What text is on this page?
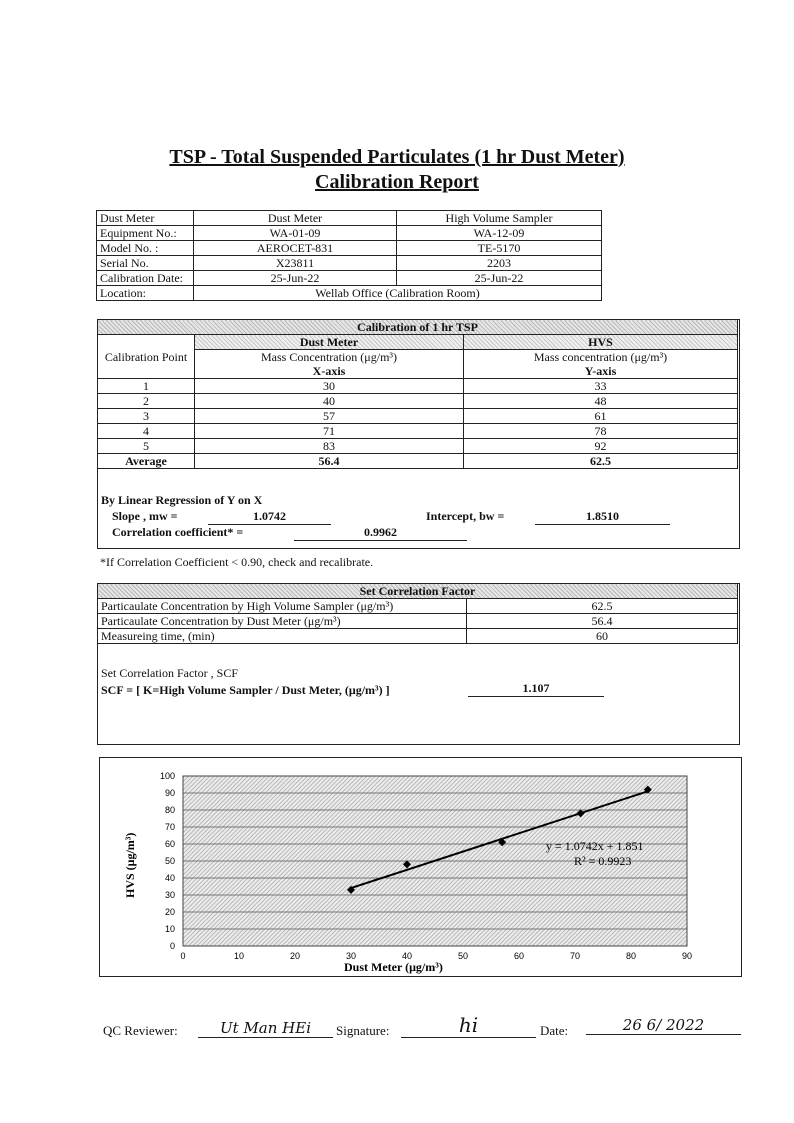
TSP - Total Suspended Particulates (1 hr Dust Meter)
Calibration Report
Dust Meter	Dust Meter	High Volume Sampler
Equipment No.:	WA-01-09	WA-12-09
Model No. :	AEROCET-831	TE-5170
Serial No.	X23811	2203
Calibration Date:	25-Jun-22	25-Jun-22
Location:	Wellab Office (Calibration Room)	
Calibration of 1 hr TSP		
Calibration Point	Dust Meter	HVS
	Mass Concentration (μg/m³)	Mass concentration (μg/m³)
	X-axis	Y-axis
1	30	33
2	40	48
3	57	61
4	71	78
5	83	92
Average	56.4	62.5
By Linear Regression of Y on X
Slope , mw =	1.0742	Intercept, bw =	1.8510
Correlation coefficient* =	0.9962
*If Correlation Coefficient < 0.90, check and recalibrate.
Set Correlation Factor	
Particaulate Concentration by High Volume Sampler (μg/m³)	62.5
Particaulate Concentration by Dust Meter (μg/m³)	56.4
Measureing time, (min)	60
Set Correlation Factor , SCF
SCF = [ K=High Volume Sampler / Dust Meter, (μg/m³) ]	1.107
0
10
20
30
40
50
60
70
80
90
100
0	10	20	30	40	50	60	70	80	90
y = 1.0742x + 1.851
R² = 0.9923
Dust Meter (μg/m³)
HVS (μg/m³)
QC Reviewer:	Ut Man HEi	Signature:	hi	Date:	26 6/ 2022
